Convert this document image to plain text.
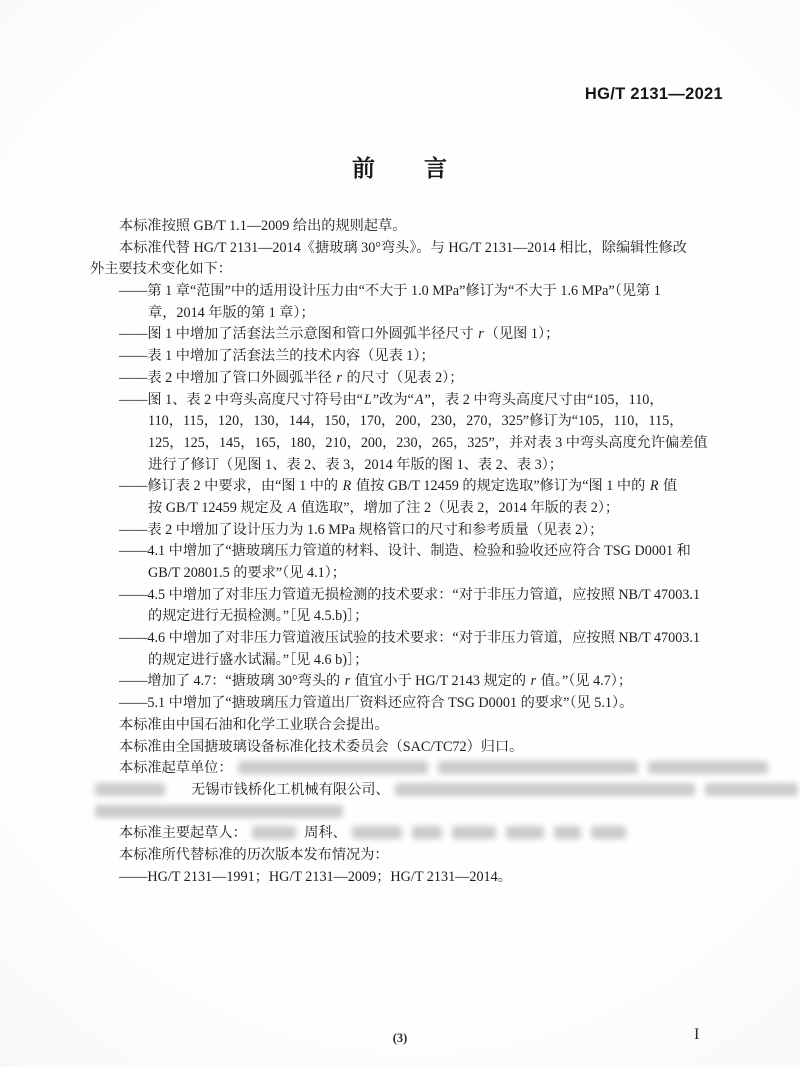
HG/T 2131—2021
前　　言
本标准按照 GB/T 1.1—2009 给出的规则起草。
本标准代替 HG/T 2131—2014《搪玻璃 30°弯头》。与 HG/T 2131—2014 相比，除编辑性修改
外主要技术变化如下：
——第 1 章“范围”中的适用设计压力由“不大于 1.0 MPa”修订为“不大于 1.6 MPa”（见第 1
章，2014 年版的第 1 章）；
——图 1 中增加了活套法兰示意图和管口外圆弧半径尺寸 r（见图 1）；
——表 1 中增加了活套法兰的技术内容（见表 1）；
——表 2 中增加了管口外圆弧半径 r 的尺寸（见表 2）；
——图 1、表 2 中弯头高度尺寸符号由“L”改为“A”，表 2 中弯头高度尺寸由“105，110，
110，115，120，130，144，150，170，200，230，270，325”修订为“105，110，115，
125，125，145，165，180，210，200，230，265，325”，并对表 3 中弯头高度允许偏差值
进行了修订（见图 1、表 2、表 3，2014 年版的图 1、表 2、表 3）；
——修订表 2 中要求，由“图 1 中的 R 值按 GB/T 12459 的规定选取”修订为“图 1 中的 R 值
按 GB/T 12459 规定及 A 值选取”，增加了注 2（见表 2，2014 年版的表 2）；
——表 2 中增加了设计压力为 1.6 MPa 规格管口的尺寸和参考质量（见表 2）；
——4.1 中增加了“搪玻璃压力管道的材料、设计、制造、检验和验收还应符合 TSG D0001 和
GB/T 20801.5 的要求”（见 4.1）；
——4.5 中增加了对非压力管道无损检测的技术要求：“对于非压力管道，应按照 NB/T 47003.1
的规定进行无损检测。”［见 4.5.b)］；
——4.6 中增加了对非压力管道液压试验的技术要求：“对于非压力管道，应按照 NB/T 47003.1
的规定进行盛水试漏。”［见 4.6 b)］；
——增加了 4.7：“搪玻璃 30°弯头的 r 值宜小于 HG/T 2143 规定的 r 值。”（见 4.7）；
——5.1 中增加了“搪玻璃压力管道出厂资料还应符合 TSG D0001 的要求”（见 5.1）。
本标准由中国石油和化学工业联合会提出。
本标准由全国搪玻璃设备标准化技术委员会（SAC/TC72）归口。
本标准起草单位：
无锡市钱桥化工机械有限公司、
本标准主要起草人：	周科、
本标准所代替标准的历次版本发布情况为：
——HG/T 2131—1991；HG/T 2131—2009；HG/T 2131—2014。
(3)	I
